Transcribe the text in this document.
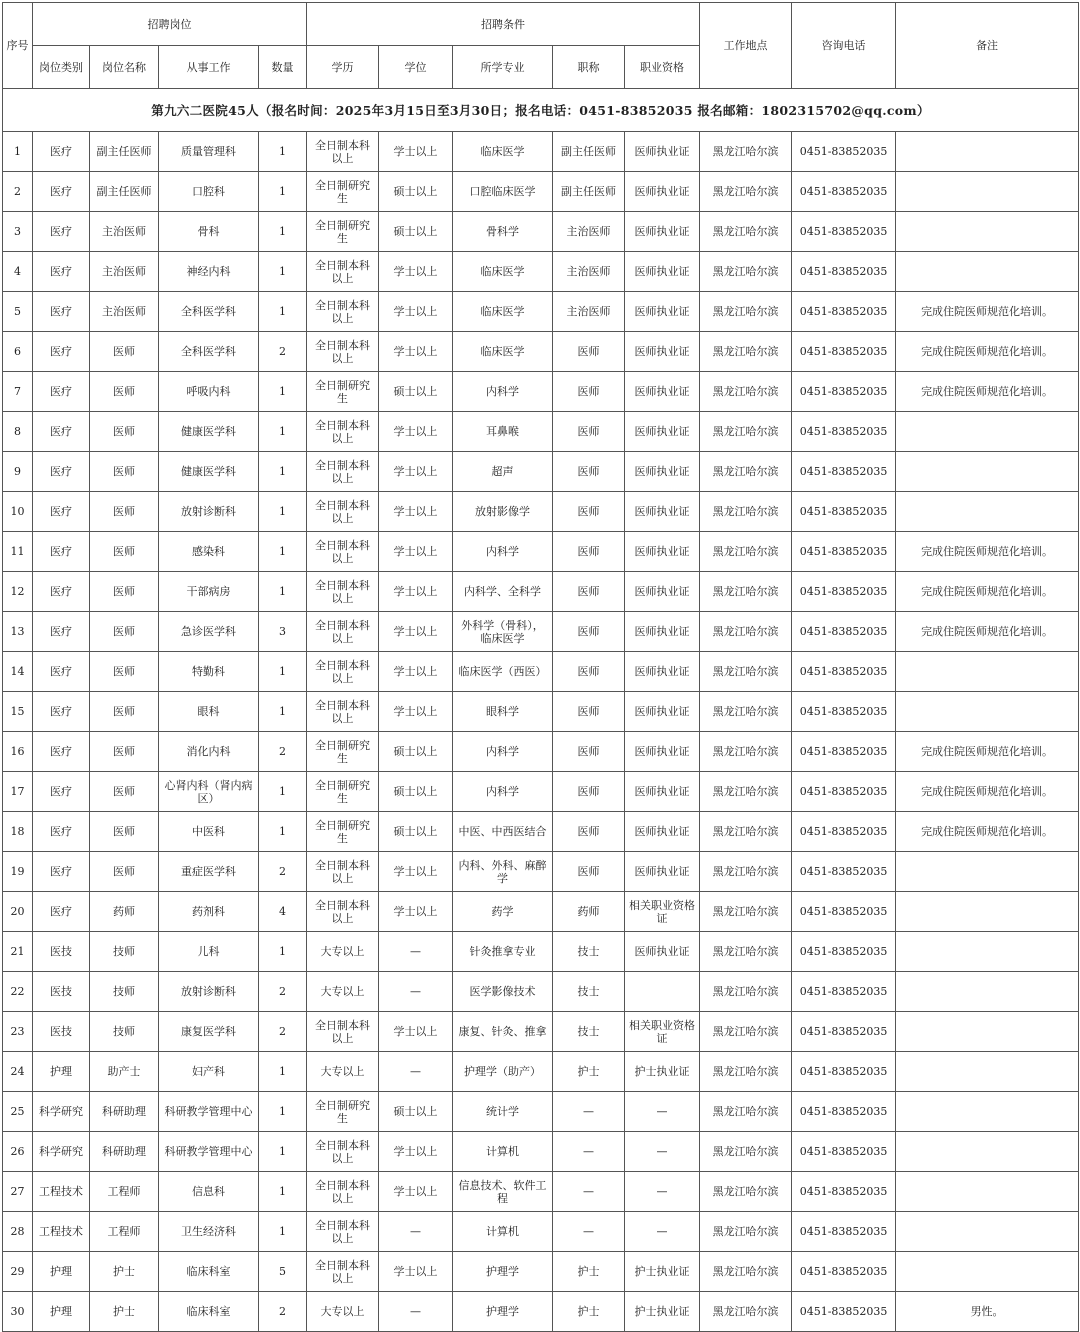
序号	招聘岗位				招聘条件					工作地点	咨询电话	备注
	岗位类别	岗位名称	从事工作	数量	学历	学位	所学专业	职称	职业资格			
第九六二医院45人（报名时间：2025年3月15日至3月30日；报名电话：0451-83852035 报名邮箱：1802315702@qq.com）												
1	医疗	副主任医师	质量管理科	1	全日制本科以上	学士以上	临床医学	副主任医师	医师执业证	黑龙江哈尔滨	0451-83852035	
2	医疗	副主任医师	口腔科	1	全日制研究生	硕士以上	口腔临床医学	副主任医师	医师执业证	黑龙江哈尔滨	0451-83852035	
3	医疗	主治医师	骨科	1	全日制研究生	硕士以上	骨科学	主治医师	医师执业证	黑龙江哈尔滨	0451-83852035	
4	医疗	主治医师	神经内科	1	全日制本科以上	学士以上	临床医学	主治医师	医师执业证	黑龙江哈尔滨	0451-83852035	
5	医疗	主治医师	全科医学科	1	全日制本科以上	学士以上	临床医学	主治医师	医师执业证	黑龙江哈尔滨	0451-83852035	完成住院医师规范化培训。
6	医疗	医师	全科医学科	2	全日制本科以上	学士以上	临床医学	医师	医师执业证	黑龙江哈尔滨	0451-83852035	完成住院医师规范化培训。
7	医疗	医师	呼吸内科	1	全日制研究生	硕士以上	内科学	医师	医师执业证	黑龙江哈尔滨	0451-83852035	完成住院医师规范化培训。
8	医疗	医师	健康医学科	1	全日制本科以上	学士以上	耳鼻喉	医师	医师执业证	黑龙江哈尔滨	0451-83852035	
9	医疗	医师	健康医学科	1	全日制本科以上	学士以上	超声	医师	医师执业证	黑龙江哈尔滨	0451-83852035	
10	医疗	医师	放射诊断科	1	全日制本科以上	学士以上	放射影像学	医师	医师执业证	黑龙江哈尔滨	0451-83852035	
11	医疗	医师	感染科	1	全日制本科以上	学士以上	内科学	医师	医师执业证	黑龙江哈尔滨	0451-83852035	完成住院医师规范化培训。
12	医疗	医师	干部病房	1	全日制本科以上	学士以上	内科学、全科学	医师	医师执业证	黑龙江哈尔滨	0451-83852035	完成住院医师规范化培训。
13	医疗	医师	急诊医学科	3	全日制本科以上	学士以上	外科学（骨科），临床医学	医师	医师执业证	黑龙江哈尔滨	0451-83852035	完成住院医师规范化培训。
14	医疗	医师	特勤科	1	全日制本科以上	学士以上	临床医学（西医）	医师	医师执业证	黑龙江哈尔滨	0451-83852035	
15	医疗	医师	眼科	1	全日制本科以上	学士以上	眼科学	医师	医师执业证	黑龙江哈尔滨	0451-83852035	
16	医疗	医师	消化内科	2	全日制研究生	硕士以上	内科学	医师	医师执业证	黑龙江哈尔滨	0451-83852035	完成住院医师规范化培训。
17	医疗	医师	心肾内科（肾内病区）	1	全日制研究生	硕士以上	内科学	医师	医师执业证	黑龙江哈尔滨	0451-83852035	完成住院医师规范化培训。
18	医疗	医师	中医科	1	全日制研究生	硕士以上	中医、中西医结合	医师	医师执业证	黑龙江哈尔滨	0451-83852035	完成住院医师规范化培训。
19	医疗	医师	重症医学科	2	全日制本科以上	学士以上	内科、外科、麻醉学	医师	医师执业证	黑龙江哈尔滨	0451-83852035	
20	医疗	药师	药剂科	4	全日制本科以上	学士以上	药学	药师	相关职业资格证	黑龙江哈尔滨	0451-83852035	
21	医技	技师	儿科	1	大专以上	—	针灸推拿专业	技士	医师执业证	黑龙江哈尔滨	0451-83852035	
22	医技	技师	放射诊断科	2	大专以上	—	医学影像技术	技士		黑龙江哈尔滨	0451-83852035	
23	医技	技师	康复医学科	2	全日制本科以上	学士以上	康复、针灸、推拿	技士	相关职业资格证	黑龙江哈尔滨	0451-83852035	
24	护理	助产士	妇产科	1	大专以上	—	护理学（助产）	护士	护士执业证	黑龙江哈尔滨	0451-83852035	
25	科学研究	科研助理	科研教学管理中心	1	全日制研究生	硕士以上	统计学	—	—	黑龙江哈尔滨	0451-83852035	
26	科学研究	科研助理	科研教学管理中心	1	全日制本科以上	学士以上	计算机	—	—	黑龙江哈尔滨	0451-83852035	
27	工程技术	工程师	信息科	1	全日制本科以上	学士以上	信息技术、软件工程	—	—	黑龙江哈尔滨	0451-83852035	
28	工程技术	工程师	卫生经济科	1	全日制本科以上	—	计算机	—	—	黑龙江哈尔滨	0451-83852035	
29	护理	护士	临床科室	5	全日制本科以上	学士以上	护理学	护士	护士执业证	黑龙江哈尔滨	0451-83852035	
30	护理	护士	临床科室	2	大专以上	—	护理学	护士	护士执业证	黑龙江哈尔滨	0451-83852035	男性。
